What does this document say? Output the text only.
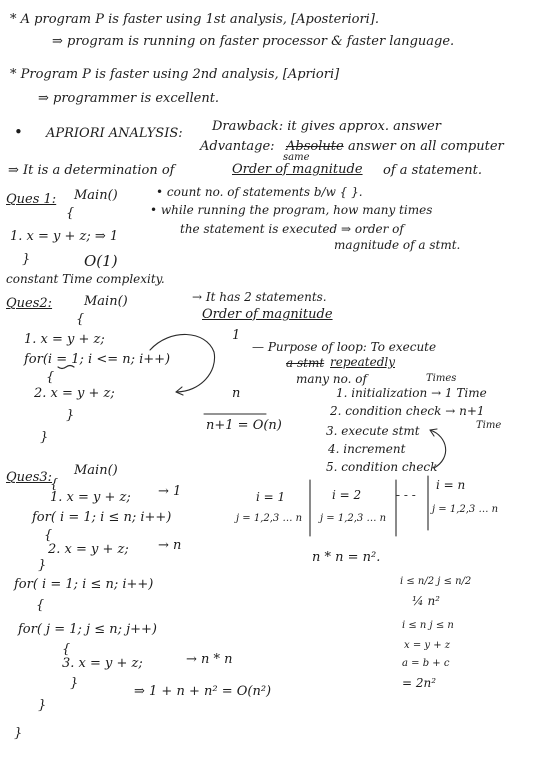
* A program P is faster using 1st analysis, [Aposteriori].
⇒ program is running on faster processor & faster language.
* Program P is faster using 2nd analysis, [Apriori]
⇒ programmer is excellent.
• APRIORI ANALYSIS: Drawback: it gives approx. answer
Advantage: Absolute answer on all computer
same
⇒ It is a determination of	Order of magnitude of a statement.
Ques 1: Main()
{
1. x = y + z; ⇒ 1
}	O(1)
• count no. of statements b/w { }.
• while running the program, how many times
the statement is executed ⇒ order of
magnitude of a stmt.
constant Time complexity.
Ques2: Main()	→ It has 2 statements.
Order of magnitude
{
1. x = y + z;	1
for(i = 1; i <= n; i++)
{
2. x = y + z;	n
}
}
n+1 = O(n)
— Purpose of loop: To execute
a stmt repeatedly
many no. of	Times
1. initialization → 1 Time
2. condition check → n+1
Time
3. execute stmt
4. increment
5. condition check
Ques3: Main()
{
1. x = y + z; → 1
for( i = 1; i ≤ n; i++)
{
2. x = y + z; → n
}
for( i = 1; i ≤ n; i++)
{
for( j = 1; j ≤ n; j++)
{
3. x = y + z;	→ n * n
}
⇒ 1 + n + n² = O(n²)
}
}
i = 1
j = 1,2,3 … n
i = 2
j = 1,2,3 … n
- - -
i = n
j = 1,2,3 … n
n * n = n².
i ≤ n/2 j ≤ n/2
¼ n²
i ≤ n j ≤ n
x = y + z
a = b + c
= 2n²
